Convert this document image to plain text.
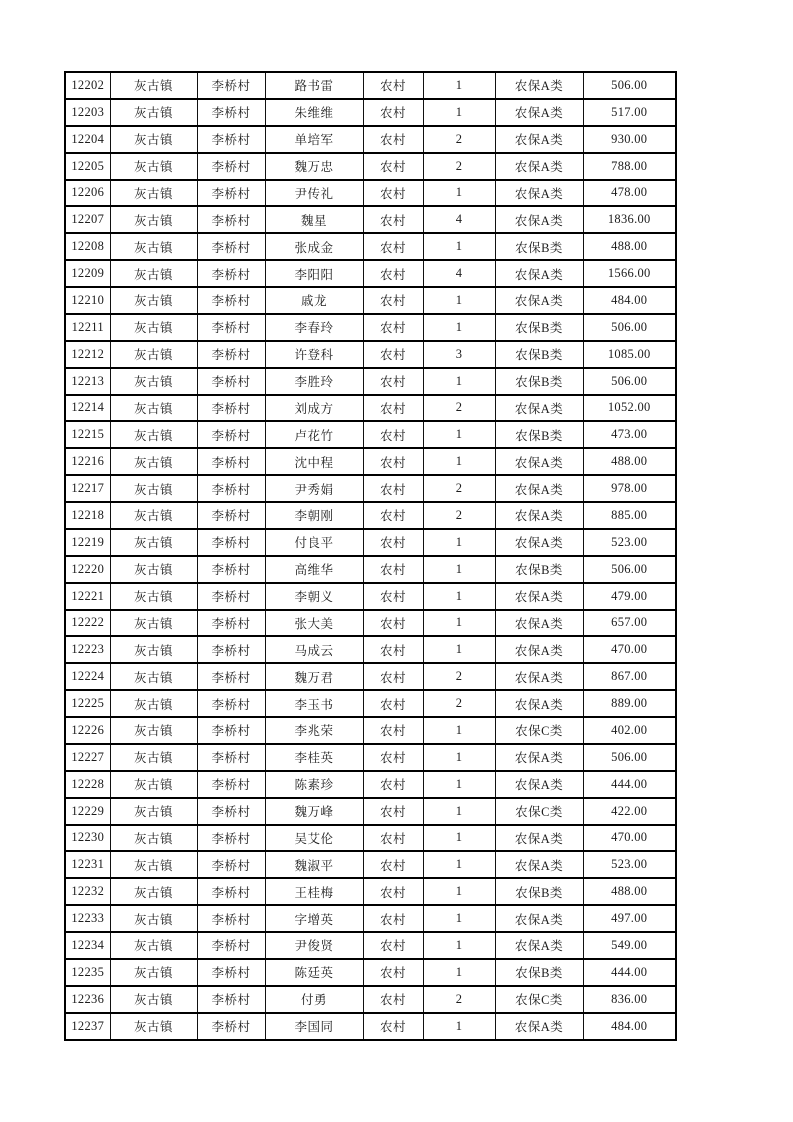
12202	灰古镇	李桥村	路书雷	农村	1	农保A类	506.00
12203	灰古镇	李桥村	朱维维	农村	1	农保A类	517.00
12204	灰古镇	李桥村	单培军	农村	2	农保A类	930.00
12205	灰古镇	李桥村	魏万忠	农村	2	农保A类	788.00
12206	灰古镇	李桥村	尹传礼	农村	1	农保A类	478.00
12207	灰古镇	李桥村	魏星	农村	4	农保A类	1836.00
12208	灰古镇	李桥村	张成金	农村	1	农保B类	488.00
12209	灰古镇	李桥村	李阳阳	农村	4	农保A类	1566.00
12210	灰古镇	李桥村	戚龙	农村	1	农保A类	484.00
12211	灰古镇	李桥村	李春玲	农村	1	农保B类	506.00
12212	灰古镇	李桥村	许登科	农村	3	农保B类	1085.00
12213	灰古镇	李桥村	李胜玲	农村	1	农保B类	506.00
12214	灰古镇	李桥村	刘成方	农村	2	农保A类	1052.00
12215	灰古镇	李桥村	卢花竹	农村	1	农保B类	473.00
12216	灰古镇	李桥村	沈中程	农村	1	农保A类	488.00
12217	灰古镇	李桥村	尹秀娟	农村	2	农保A类	978.00
12218	灰古镇	李桥村	李朝刚	农村	2	农保A类	885.00
12219	灰古镇	李桥村	付良平	农村	1	农保A类	523.00
12220	灰古镇	李桥村	高维华	农村	1	农保B类	506.00
12221	灰古镇	李桥村	李朝义	农村	1	农保A类	479.00
12222	灰古镇	李桥村	张大美	农村	1	农保A类	657.00
12223	灰古镇	李桥村	马成云	农村	1	农保A类	470.00
12224	灰古镇	李桥村	魏万君	农村	2	农保A类	867.00
12225	灰古镇	李桥村	李玉书	农村	2	农保A类	889.00
12226	灰古镇	李桥村	李兆荣	农村	1	农保C类	402.00
12227	灰古镇	李桥村	李桂英	农村	1	农保A类	506.00
12228	灰古镇	李桥村	陈素珍	农村	1	农保A类	444.00
12229	灰古镇	李桥村	魏万峰	农村	1	农保C类	422.00
12230	灰古镇	李桥村	吴艾伦	农村	1	农保A类	470.00
12231	灰古镇	李桥村	魏淑平	农村	1	农保A类	523.00
12232	灰古镇	李桥村	王桂梅	农村	1	农保B类	488.00
12233	灰古镇	李桥村	字增英	农村	1	农保A类	497.00
12234	灰古镇	李桥村	尹俊贤	农村	1	农保A类	549.00
12235	灰古镇	李桥村	陈廷英	农村	1	农保B类	444.00
12236	灰古镇	李桥村	付勇	农村	2	农保C类	836.00
12237	灰古镇	李桥村	李国同	农村	1	农保A类	484.00
